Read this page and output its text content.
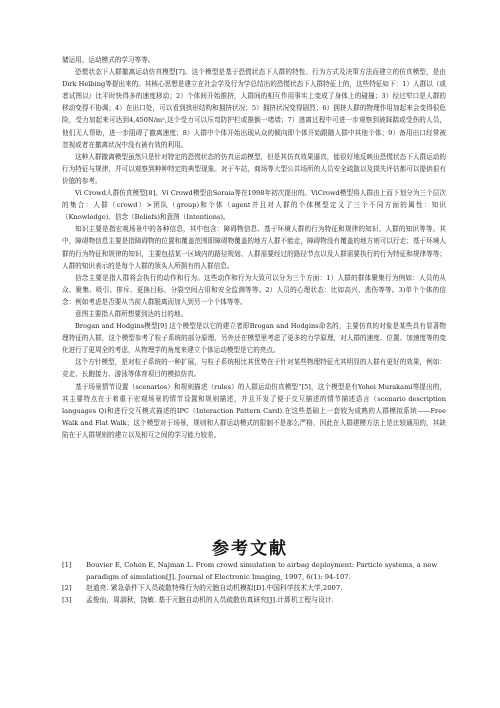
储运用、运动模式的学习等等。

恐慌状态下人群撤离运动仿真模型[7]。这个模型是基于恐慌状态下人群的特性、行为方式及决策方法而建立的仿真模型，是由Dirk Helbing等提出来的。其核心思想是建立在社会学及行为学总结出的恐慌状态下人群特征上的，这些特征如下：1）人群以（或者试图以）比平时快得多的速度移动；2）个体间开始推挤，人群间的相互作用事实上变成了身体上的碰撞；3）经过窄口是人群的移动变得不协调；4）在出口处，可以看到拱形结构和拥挤状况；5）拥挤状况变得剧烈；6）拥挤人群的物理作用加起来会变得很危险，受力加起来可达到4,450N/m²,这个受力可以压弯防护栏或推倒一堵墙；7）逃离过程中可进一步观察到被踩踏或受伤的人员，他们无人帮助，进一步阻碍了撤离速度；8）人群中个体开始出现从众的倾向即个体开始跟随人群中其他个体；9）备用出口经常被忽视或者在撤离状况中没有被有效的利用。

这种人群撤离模型虽然只是针对特定的恐慌状态的仿真运动模型，但是其仿真效果逼真，能很好地反映出恐慌状态下人群运动的行为特征与规律，并可以观察到种种特定的典型现象。对于车站，商场等大型公共场所的人员安全疏散以及损失评估都可以提供很有价值的参考。

Vi Crowd人群仿真模型[8]。Vi Crowd模型由Soraia等在1998年初次提出的。ViCrowd模型将人群由上而下划分为三个层次的集合：人群（crowd）>团队（group)和个体（agent并且对人群的个体模型定义了三个不同方面的属性：知识（Knowledge)、信念（Beliefs)和意图（Intentions)。

知识主要是指宏观场景中的各种信息，其中包含：障碍物信息、基于环境人群的行为特征和规律的知识、人群的知识等等。其中，障碍物信息主要是指障碍物的位置和覆盖范围即障碍物覆盖的地方人群不能走，障碍物没有覆盖的地方则可以行走；基于环境人群的行为特征和规律的知识，主要包括某一区域内的路径规划、人群需要经过的路径节点以及人群需要执行的行为特征和规律等等；人群的知识表示的是每个人群的领头人所拥有的人群信息。

信念主要是指人群将会执行的动作和行为。这些动作和行为大致可以分为三个方面：1）人群的群体聚集行为例如：人员的从众、聚集、吸引、排斥、更换目标、分裂空间占用和安全监测等等。2）人员的心理状态：比如高兴、悲伤等等。3)单个个体的信念：例如考虑是否要从当前人群脱离而加入到另一个个体等等。

意图主要指人群所想要到达的目的地。

Brogan and Hodgins模型[9] 这个模型是以它的建立者即Brogan and Hodgins命名的，主要仿真的对象是某些具有显著物理特征的人群，这个模型参考了粒子系统的部分原理，另外还在模型里考虑了更多的力学原理，对人群的速度、位置、加速度等的变化进行了更周全的考虑，从物理学的角度来建立个体运动模型是它的亮点。

这个方针模型，是对粒子系统的一种扩展，与粒子系统相比其优势在于针对某些物理特征尤其明显的人群有更好的效果，例如：竞走、长跑接力、游泳等体育项目的模拟仿真。

基于场景情节设置（scenarios）和规则描述（rules）的人群运动仿真模型“[5]，这个模型是有Yohei Murakami等提出的，其主要特点在于着重于宏观场景的情节设置和规则描述，并且开发了便于交互描述的情节描述语言（scenario description languages Q)和进行交互模式描述的IPC（Interaction Pattern Card).在这些基础上一套较为成熟的人群模拟系统——Free Walk and Flat Walk；这个模型对于场景，规则和人群运动模式的限制不是那么严格，因此在人群建模方法上是比较通用的，其缺陷在于人群规则的建立以及相互之间的学习能力较差。

参考文献
[1]	Bouvier E, Cohen E, Najman L. From crowd simulation to airbag deployment: Particle systems, a new paradigm of simulation[J]. Journal of Electronic Imaging, 1997, 6(1): 94-107.
[2]	赵道亮. 紧急条件下人员疏散特殊行为的元胞自动机模拟[D].中国科学技术大学,2007.
[3]	孟俊仙，周淑秋，饶敏. 基于元胞自动机的人员疏散仿真研究[J].计算机工程与设计.
